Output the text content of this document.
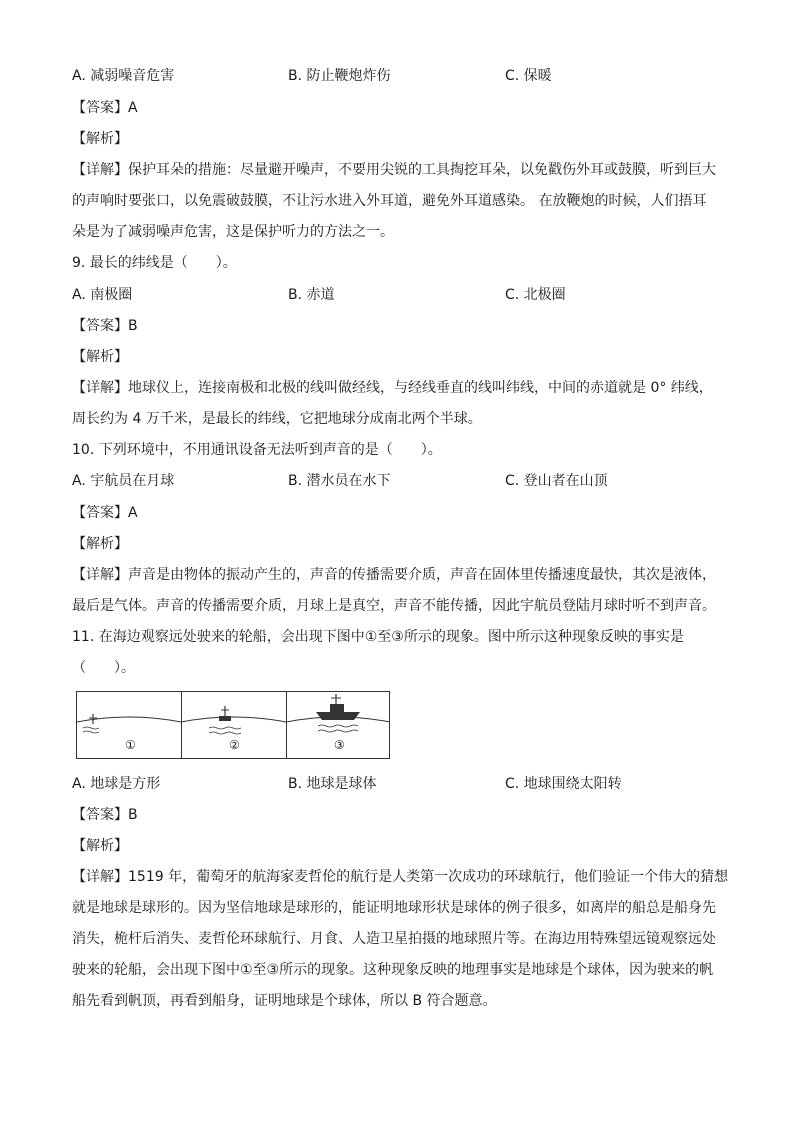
A. 减弱噪音危害	B. 防止鞭炮炸伤	C. 保暖
【答案】A
【解析】
【详解】保护耳朵的措施：尽量避开噪声，不要用尖锐的工具掏挖耳朵，以免戳伤外耳或鼓膜，听到巨大
的声响时要张口，以免震破鼓膜，不让污水进入外耳道，避免外耳道感染。 在放鞭炮的时候，人们捂耳
朵是为了减弱噪声危害，这是保护听力的方法之一。
9. 最长的纬线是（　　）。
A. 南极圈	B. 赤道	C. 北极圈
【答案】B
【解析】
【详解】地球仪上，连接南极和北极的线叫做经线，与经线垂直的线叫纬线，中间的赤道就是 0° 纬线，
周长约为 4 万千米，是最长的纬线，它把地球分成南北两个半球。
10. 下列环境中，不用通讯设备无法听到声音的是（　　）。
A. 宇航员在月球	B. 潜水员在水下	C. 登山者在山顶
【答案】A
【解析】
【详解】声音是由物体的振动产生的，声音的传播需要介质，声音在固体里传播速度最快，其次是液体，
最后是气体。声音的传播需要介质，月球上是真空，声音不能传播，因此宇航员登陆月球时听不到声音。
11. 在海边观察远处驶来的轮船，会出现下图中①至③所示的现象。图中所示这种现象反映的事实是
（　　）。
①	②	③
A. 地球是方形	B. 地球是球体	C. 地球围绕太阳转
【答案】B
【解析】
【详解】1519 年，葡萄牙的航海家麦哲伦的航行是人类第一次成功的环球航行，他们验证一个伟大的猜想
就是地球是球形的。因为坚信地球是球形的，能证明地球形状是球体的例子很多，如离岸的船总是船身先
消失，桅杆后消失、麦哲伦环球航行、月食、人造卫星拍摄的地球照片等。在海边用特殊望远镜观察远处
驶来的轮船，会出现下图中①至③所示的现象。这种现象反映的地理事实是地球是个球体，因为驶来的帆
船先看到帆顶，再看到船身，证明地球是个球体，所以 B 符合题意。
